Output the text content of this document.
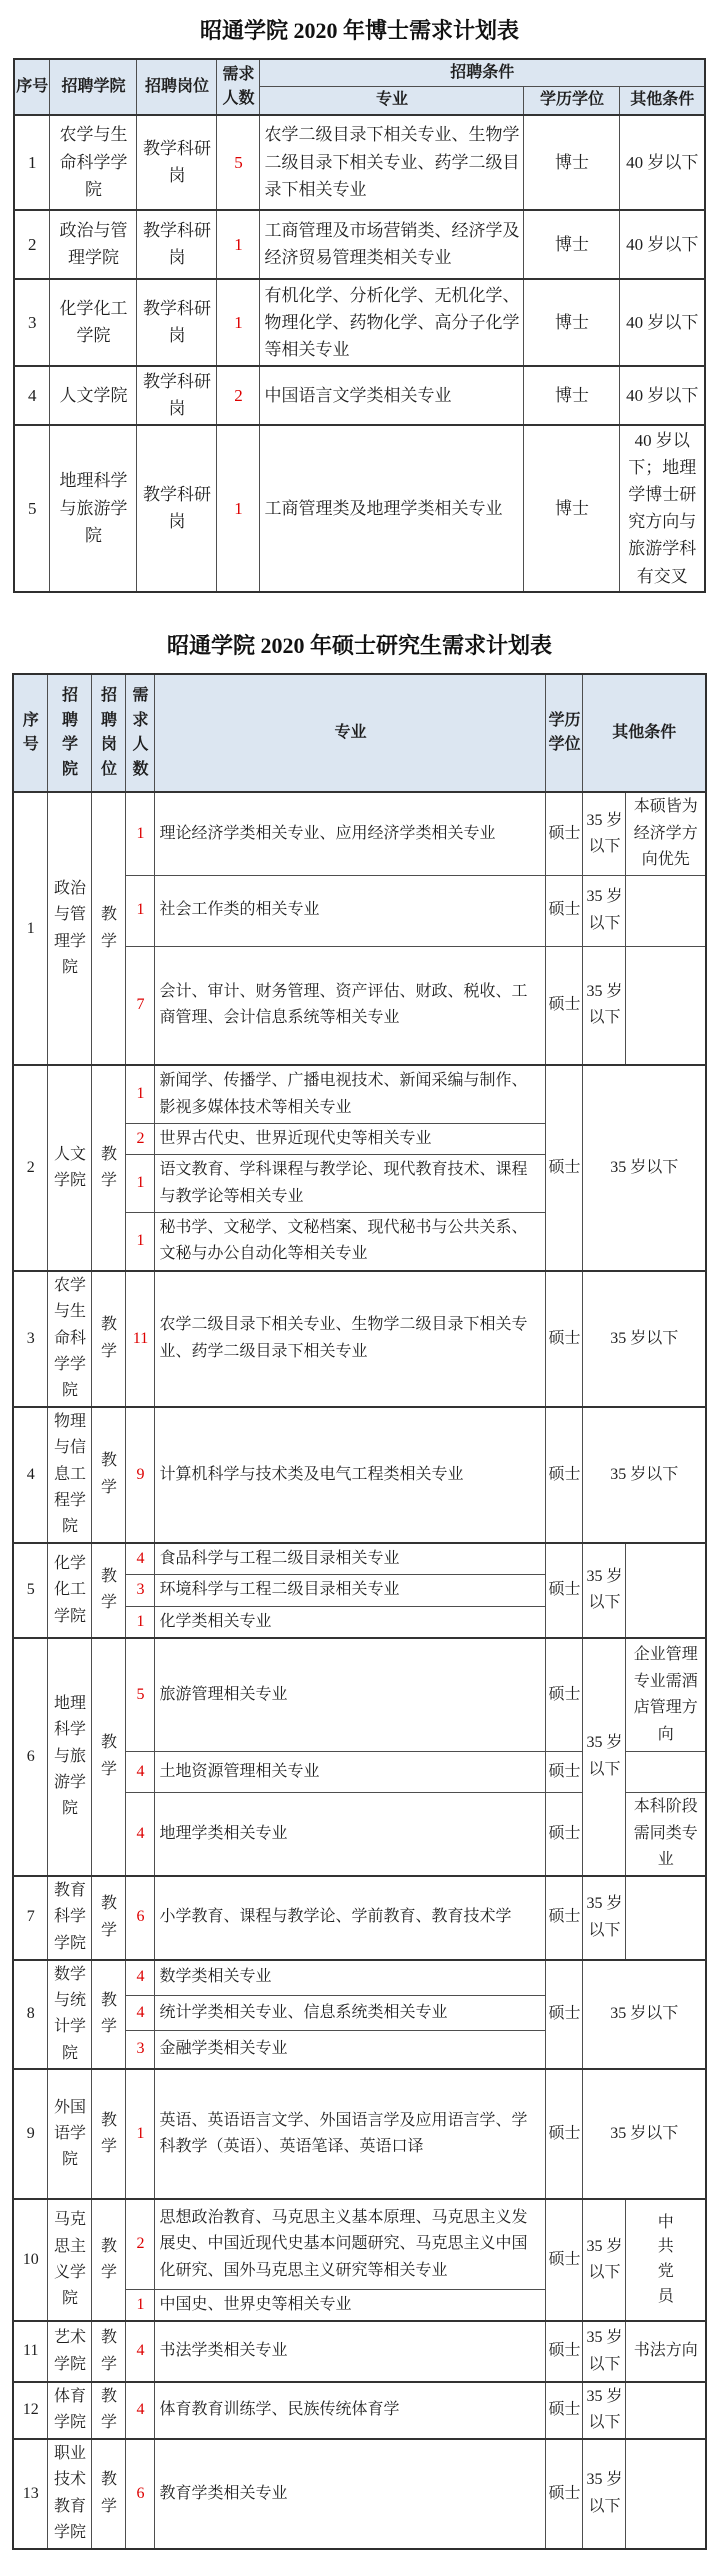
昭通学院 2020 年博士需求计划表
序号	招聘学院	招聘岗位	需求人数	招聘条件		
				专业	学历学位	其他条件
1	农学与生命科学学院	教学科研岗	5	农学二级目录下相关专业、生物学二级目录下相关专业、药学二级目录下相关专业	博士	40 岁以下
2	政治与管理学院	教学科研岗	1	工商管理及市场营销类、经济学及经济贸易管理类相关专业	博士	40 岁以下
3	化学化工学院	教学科研岗	1	有机化学、分析化学、无机化学、物理化学、药物化学、高分子化学等相关专业	博士	40 岁以下
4	人文学院	教学科研岗	2	中国语言文学类相关专业	博士	40 岁以下
5	地理科学与旅游学院	教学科研岗	1	工商管理类及地理学类相关专业	博士	40 岁以下；地理学博士研究方向与旅游学科有交叉
昭通学院 2020 年硕士研究生需求计划表
序号	招聘学院	招聘岗位	需求人数	专业	学历学位	其他条件	
1	政治与管理学院	教学	1	理论经济学类相关专业、应用经济学类相关专业	硕士	35 岁以下	本硕皆为经济学方向优先
			1	社会工作类的相关专业	硕士	35 岁以下	
			7	会计、审计、财务管理、资产评估、财政、税收、工商管理、会计信息系统等相关专业	硕士	35 岁以下	
2	人文学院	教学	1	新闻学、传播学、广播电视技术、新闻采编与制作、影视多媒体技术等相关专业	硕士	35 岁以下	
			2	世界古代史、世界近现代史等相关专业			
			1	语文教育、学科课程与教学论、现代教育技术、课程与教学论等相关专业			
			1	秘书学、文秘学、文秘档案、现代秘书与公共关系、文秘与办公自动化等相关专业			
3	农学与生命科学学院	教学	11	农学二级目录下相关专业、生物学二级目录下相关专业、药学二级目录下相关专业	硕士	35 岁以下	
4	物理与信息工程学院	教学	9	计算机科学与技术类及电气工程类相关专业	硕士	35 岁以下	
5	化学化工学院	教学	4	食品科学与工程二级目录相关专业	硕士	35 岁以下	
			3	环境科学与工程二级目录相关专业			
			1	化学类相关专业			
6	地理科学与旅游学院	教学	5	旅游管理相关专业	硕士	35 岁以下	企业管理专业需酒店管理方向
			4	土地资源管理相关专业	硕士		
			4	地理学类相关专业	硕士		本科阶段需同类专业
7	教育科学学院	教学	6	小学教育、课程与教学论、学前教育、教育技术学	硕士	35 岁以下	
8	数学与统计学院	教学	4	数学类相关专业	硕士	35 岁以下	
			4	统计学类相关专业、信息系统类相关专业			
			3	金融学类相关专业			
9	外国语学院	教学	1	英语、英语语言文学、外国语言学及应用语言学、学科教学（英语）、英语笔译、英语口译	硕士	35 岁以下	
10	马克思主义学院	教学	2	思想政治教育、马克思主义基本原理、马克思主义发展史、中国近现代史基本问题研究、马克思主义中国化研究、国外马克思主义研究等相关专业	硕士	35 岁以下	中共党员
			1	中国史、世界史等相关专业			
11	艺术学院	教学	4	书法学类相关专业	硕士	35 岁以下	书法方向
12	体育学院	教学	4	体育教育训练学、民族传统体育学	硕士	35 岁以下	
13	职业技术教育学院	教学	6	教育学类相关专业	硕士	35 岁以下	
